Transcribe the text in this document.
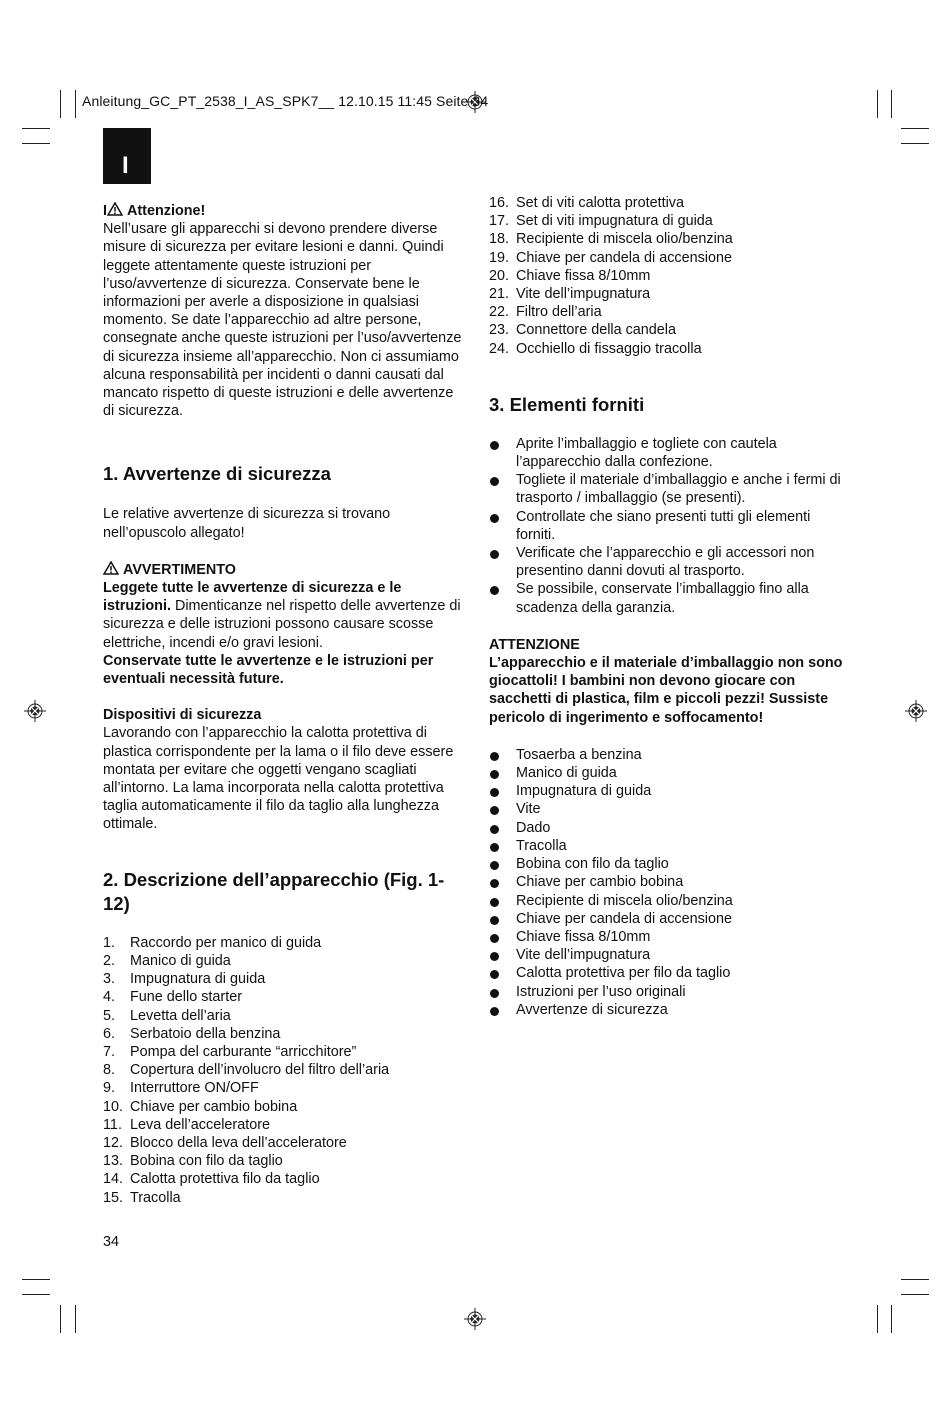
Anleitung_GC_PT_2538_I_AS_SPK7__ 12.10.15 11:45 Seite 34
I

I Attenzione!

Nell’usare gli apparecchi si devono prendere diverse misure di sicurezza per evitare lesioni e danni. Quindi leggete attentamente queste istruzioni per l’uso/avvertenze di sicurezza. Conservate bene le informazioni per averle a disposizione in qualsiasi momento. Se date l’apparecchio ad altre persone, consegnate anche queste istruzioni per l’uso/avvertenze di sicurezza insieme all’apparecchio. Non ci assumiamo alcuna responsabilità per incidenti o danni causati dal mancato rispetto di queste istruzioni e delle avvertenze di sicurezza.

1. Avvertenze di sicurezza

Le relative avvertenze di sicurezza si trovano nell’opuscolo allegato!

AVVERTIMENTO

Leggete tutte le avvertenze di sicurezza e le istruzioni. Dimenticanze nel rispetto delle avvertenze di sicurezza e delle istruzioni possono causare scosse elettriche, incendi e/o gravi lesioni.

Conservate tutte le avvertenze e le istruzioni per eventuali necessità future.

Dispositivi di sicurezza

Lavorando con l’apparecchio la calotta protettiva di plastica corrispondente per la lama o il filo deve essere montata per evitare che oggetti vengano scagliati all’intorno. La lama incorporata nella calotta protettiva taglia automaticamente il filo da taglio alla lunghezza ottimale.

2. Descrizione dell’apparecchio (Fig. 1-12)

1. Raccordo per manico di guida
2. Manico di guida
3. Impugnatura di guida
4. Fune dello starter
5. Levetta dell’aria
6. Serbatoio della benzina
7. Pompa del carburante “arricchitore”
8. Copertura dell’involucro del filtro dell’aria
9. Interruttore ON/OFF
10. Chiave per cambio bobina
11. Leva dell’acceleratore
12. Blocco della leva dell’acceleratore
13. Bobina con filo da taglio
14. Calotta protettiva filo da taglio
15. Tracolla
16. Set di viti calotta protettiva
17. Set di viti impugnatura di guida
18. Recipiente di miscela olio/benzina
19. Chiave per candela di accensione
20. Chiave fissa 8/10mm
21. Vite dell’impugnatura
22. Filtro dell’aria
23. Connettore della candela
24. Occhiello di fissaggio tracolla

3. Elementi forniti

Aprite l’imballaggio e togliete con cautela l’apparecchio dalla confezione.
Togliete il materiale d’imballaggio e anche i fermi di trasporto / imballaggio (se presenti).
Controllate che siano presenti tutti gli elementi forniti.
Verificate che l’apparecchio e gli accessori non presentino danni dovuti al trasporto.
Se possibile, conservate l’imballaggio fino alla scadenza della garanzia.

ATTENZIONE

L’apparecchio e il materiale d’imballaggio non sono giocattoli! I bambini non devono giocare con sacchetti di plastica, film e piccoli pezzi! Sussiste pericolo di ingerimento e soffocamento!

Tosaerba a benzina
Manico di guida
Impugnatura di guida
Vite
Dado
Tracolla
Bobina con filo da taglio
Chiave per cambio bobina
Recipiente di miscela olio/benzina
Chiave per candela di accensione
Chiave fissa 8/10mm
Vite dell’impugnatura
Calotta protettiva per filo da taglio
Istruzioni per l’uso originali
Avvertenze di sicurezza
34
